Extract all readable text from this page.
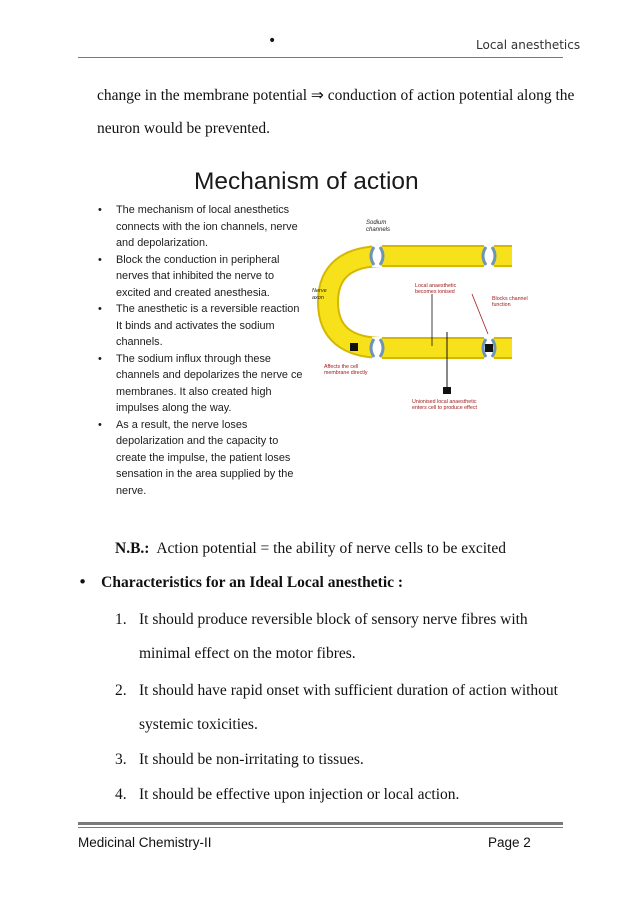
•	Local anesthetics
change in the membrane potential ⇒ conduction of action potential along the
neuron would be prevented.
Mechanism of action
• The mechanism of local anesthetics
connects with the ion channels, nerve
and depolarization.
• Block the conduction in peripheral
nerves that inhibited the nerve to
excited and created anesthesia.
• The anesthetic is a reversible reaction
It binds and activates the sodium
channels.
• The sodium influx through these
channels and depolarizes the nerve ce
membranes. It also created high
impulses along the way.
• As a result, the nerve loses
depolarization and the capacity to
create the impulse, the patient loses
sensation in the area supplied by the
nerve.
Sodium
channels
Nerve
axon
Local anaesthetic
becomes ionised
Blocks channel
function
Affects the cell
membrane directly
Unionised local anaesthetic
enters cell to produce effect
N.B.: Action potential = the ability of nerve cells to be excited
• Characteristics for an Ideal Local anesthetic :
1. It should produce reversible block of sensory nerve fibres with
minimal effect on the motor fibres.
2. It should have rapid onset with sufficient duration of action without
systemic toxicities.
3. It should be non-irritating to tissues.
4. It should be effective upon injection or local action.
Medicinal Chemistry-II	Page 2
